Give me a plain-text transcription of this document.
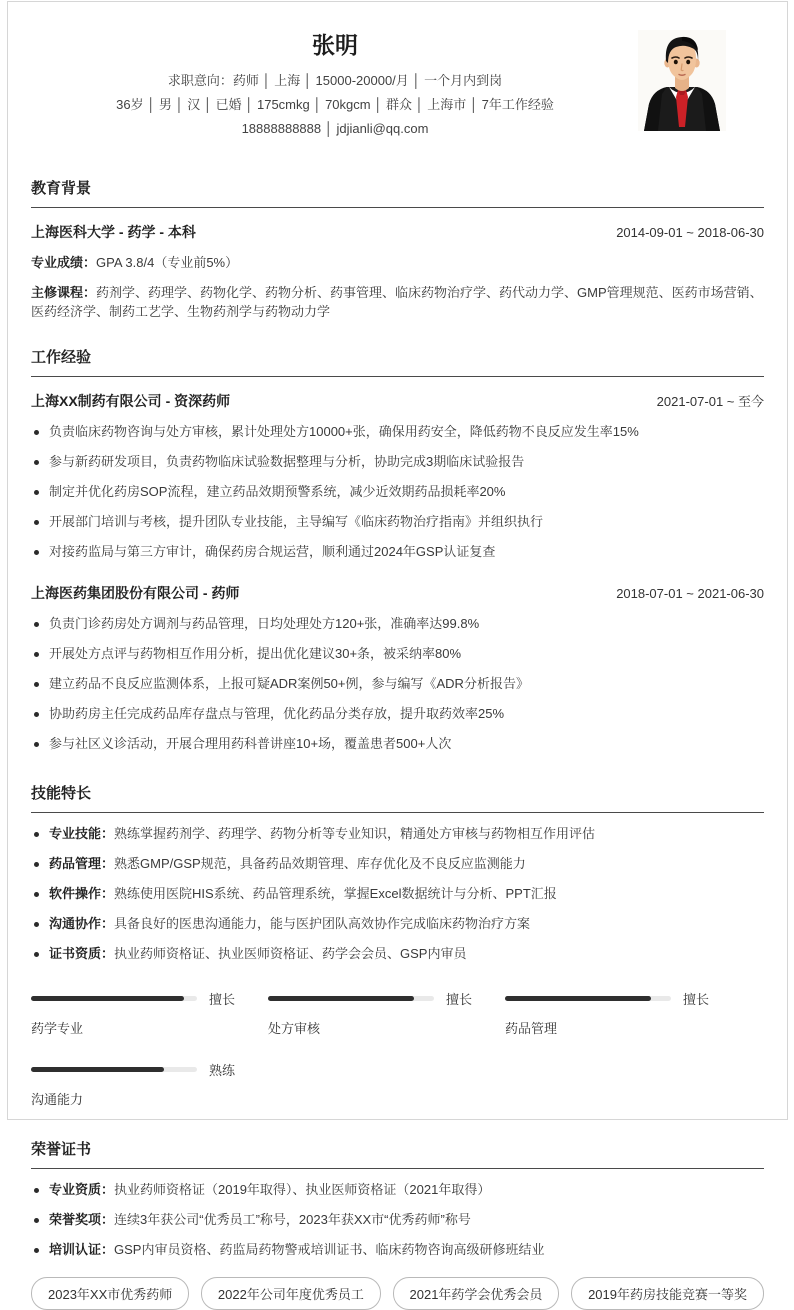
张明
求职意向：药师 │ 上海 │ 15000-20000/月 │ 一个月内到岗
36岁 │ 男 │ 汉 │ 已婚 │ 175cmkg │ 70kgcm │ 群众 │ 上海市 │ 7年工作经验
18888888888 │ jdjianli@qq.com
教育背景
上海医科大学 - 药学 - 本科	2014-09-01 ~ 2018-06-30
专业成绩：GPA 3.8/4（专业前5%）
主修课程：药剂学、药理学、药物化学、药物分析、药事管理、临床药物治疗学、药代动力学、GMP管理规范、医药市场营销、医药经济学、制药工艺学、生物药剂学与药物动力学
工作经验
上海XX制药有限公司 - 资深药师	2021-07-01 ~ 至今
负责临床药物咨询与处方审核，累计处理处方10000+张，确保用药安全，降低药物不良反应发生率15%
参与新药研发项目，负责药物临床试验数据整理与分析，协助完成3期临床试验报告
制定并优化药房SOP流程，建立药品效期预警系统，减少近效期药品损耗率20%
开展部门培训与考核，提升团队专业技能，主导编写《临床药物治疗指南》并组织执行
对接药监局与第三方审计，确保药房合规运营，顺利通过2024年GSP认证复查
上海医药集团股份有限公司 - 药师	2018-07-01 ~ 2021-06-30
负责门诊药房处方调剂与药品管理，日均处理处方120+张，准确率达99.8%
开展处方点评与药物相互作用分析，提出优化建议30+条，被采纳率80%
建立药品不良反应监测体系，上报可疑ADR案例50+例，参与编写《ADR分析报告》
协助药房主任完成药品库存盘点与管理，优化药品分类存放，提升取药效率25%
参与社区义诊活动，开展合理用药科普讲座10+场，覆盖患者500+人次
技能特长
专业技能：熟练掌握药剂学、药理学、药物分析等专业知识，精通处方审核与药物相互作用评估
药品管理：熟悉GMP/GSP规范，具备药品效期管理、库存优化及不良反应监测能力
软件操作：熟练使用医院HIS系统、药品管理系统，掌握Excel数据统计与分析、PPT汇报
沟通协作：具备良好的医患沟通能力，能与医护团队高效协作完成临床药物治疗方案
证书资质：执业药师资格证、执业医师资格证、药学会会员、GSP内审员
擅长
药学专业
擅长
处方审核
擅长
药品管理
熟练
沟通能力
荣誉证书
专业资质：执业药师资格证（2019年取得）、执业医师资格证（2021年取得）
荣誉奖项：连续3年获公司“优秀员工”称号，2023年获XX市“优秀药师”称号
培训认证：GSP内审员资格、药监局药物警戒培训证书、临床药物咨询高级研修班结业
2023年XX市优秀药师	2022年公司年度优秀员工	2021年药学会优秀会员	2019年药房技能竞赛一等奖
